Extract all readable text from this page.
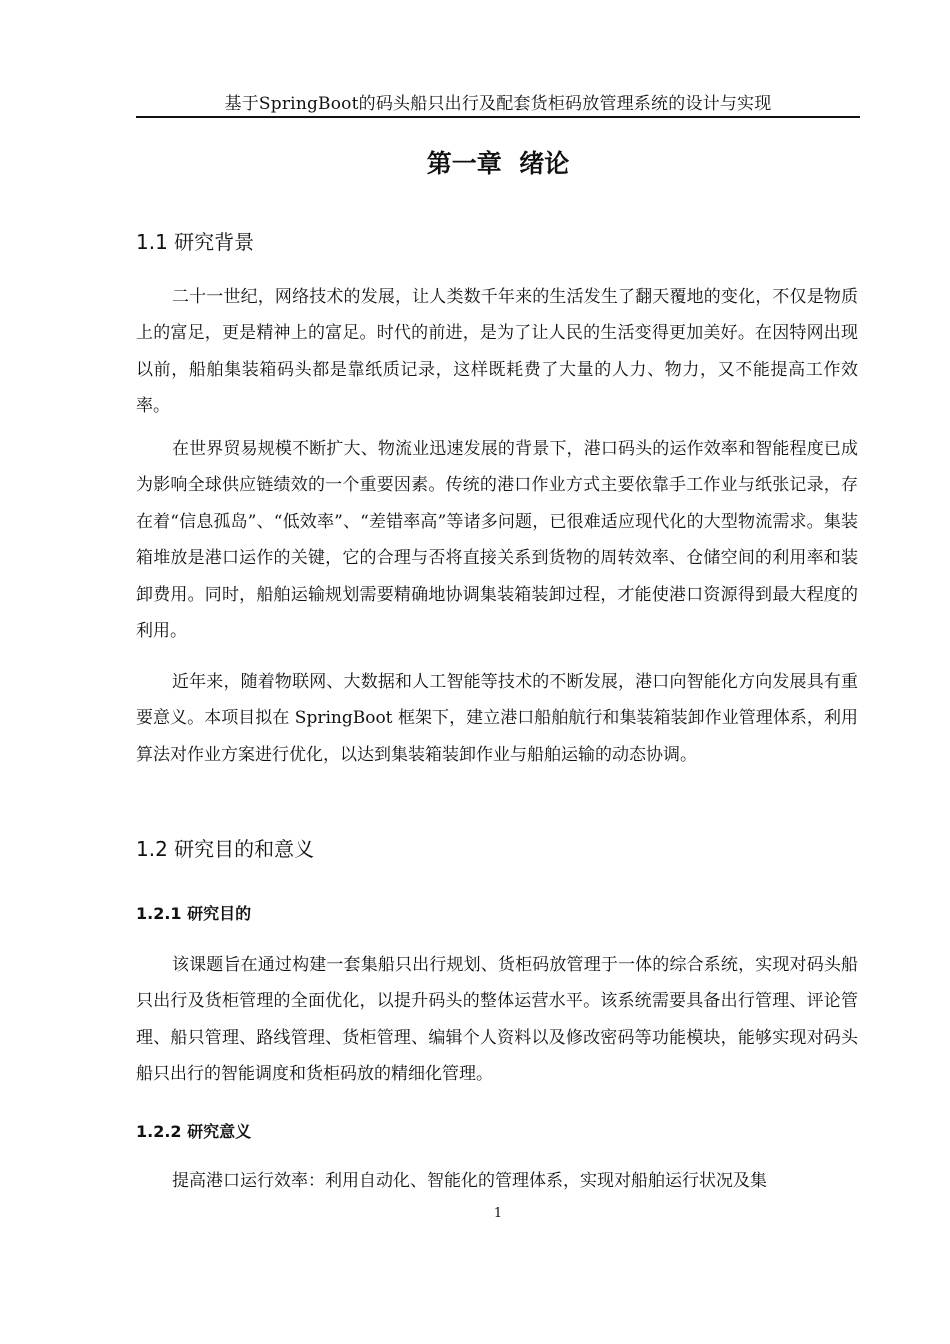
基于SpringBoot的码头船只出行及配套货柜码放管理系统的设计与实现
第一章  绪论
1.1 研究背景

二十一世纪，网络技术的发展，让人类数千年来的生活发生了翻天覆地的变化，不仅是物质上的富足，更是精神上的富足。时代的前进，是为了让人民的生活变得更加美好。在因特网出现以前，船舶集装箱码头都是靠纸质记录，这样既耗费了大量的人力、物力，又不能提高工作效率。

在世界贸易规模不断扩大、物流业迅速发展的背景下，港口码头的运作效率和智能程度已成为影响全球供应链绩效的一个重要因素。传统的港口作业方式主要依靠手工作业与纸张记录，存在着“信息孤岛”、“低效率”、“差错率高”等诸多问题，已很难适应现代化的大型物流需求。集装箱堆放是港口运作的关键，它的合理与否将直接关系到货物的周转效率、仓储空间的利用率和装卸费用。同时，船舶运输规划需要精确地协调集装箱装卸过程，才能使港口资源得到最大程度的利用。

近年来，随着物联网、大数据和人工智能等技术的不断发展，港口向智能化方向发展具有重要意义。本项目拟在 SpringBoot 框架下，建立港口船舶航行和集装箱装卸作业管理体系，利用算法对作业方案进行优化，以达到集装箱装卸作业与船舶运输的动态协调。

1.2 研究目的和意义
1.2.1 研究目的

该课题旨在通过构建一套集船只出行规划、货柜码放管理于一体的综合系统，实现对码头船只出行及货柜管理的全面优化，以提升码头的整体运营水平。该系统需要具备出行管理、评论管理、船只管理、路线管理、货柜管理、编辑个人资料以及修改密码等功能模块，能够实现对码头船只出行的智能调度和货柜码放的精细化管理。

1.2.2 研究意义

提高港口运行效率：利用自动化、智能化的管理体系，实现对船舶运行状况及集

1
